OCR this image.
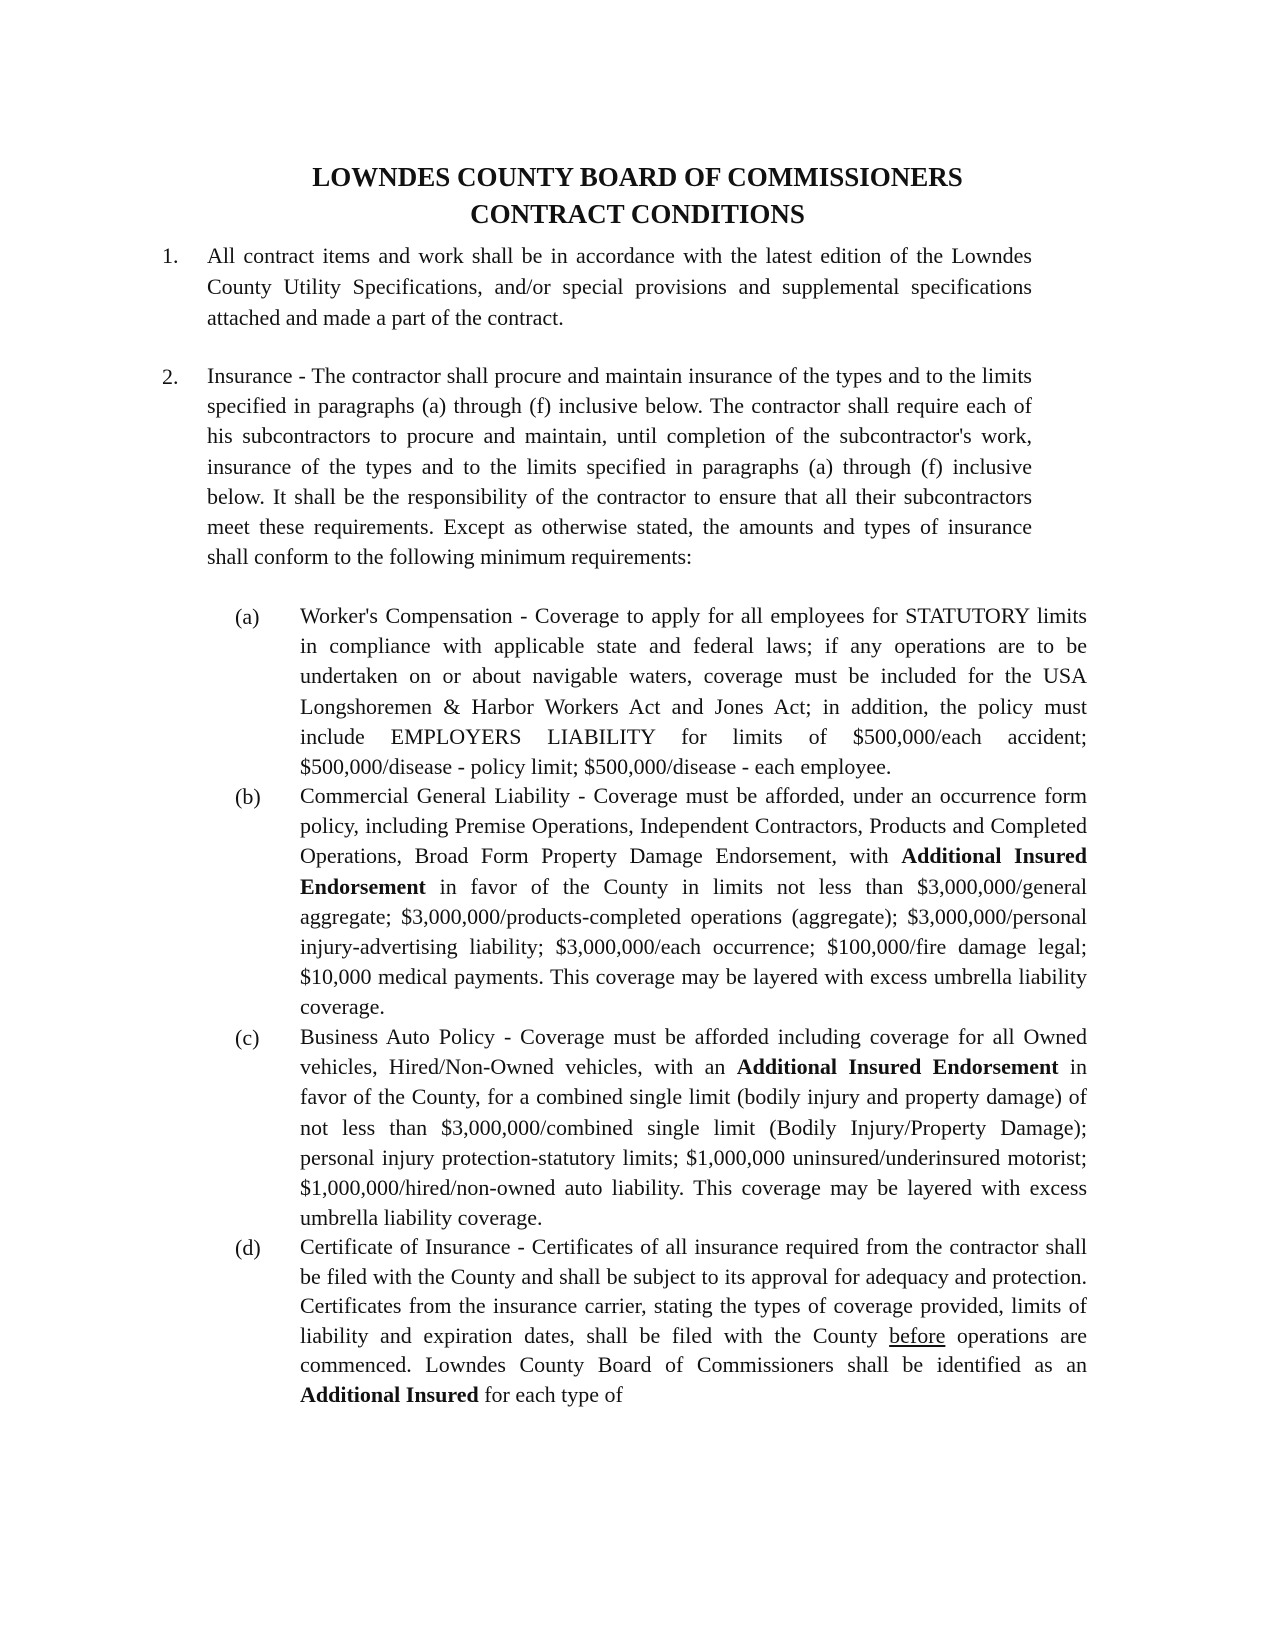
LOWNDES COUNTY BOARD OF COMMISSIONERS
CONTRACT CONDITIONS
1. All contract items and work shall be in accordance with the latest edition of the Lowndes County Utility Specifications, and/or special provisions and supplemental specifications attached and made a part of the contract.
2. Insurance - The contractor shall procure and maintain insurance of the types and to the limits specified in paragraphs (a) through (f) inclusive below. The contractor shall require each of his subcontractors to procure and maintain, until completion of the subcontractor's work, insurance of the types and to the limits specified in paragraphs (a) through (f) inclusive below. It shall be the responsibility of the contractor to ensure that all their subcontractors meet these requirements. Except as otherwise stated, the amounts and types of insurance shall conform to the following minimum requirements:
(a) Worker's Compensation - Coverage to apply for all employees for STATUTORY limits in compliance with applicable state and federal laws; if any operations are to be undertaken on or about navigable waters, coverage must be included for the USA Longshoremen & Harbor Workers Act and Jones Act; in addition, the policy must include EMPLOYERS LIABILITY for limits of $500,000/each accident; $500,000/disease - policy limit; $500,000/disease - each employee.
(b) Commercial General Liability - Coverage must be afforded, under an occurrence form policy, including Premise Operations, Independent Contractors, Products and Completed Operations, Broad Form Property Damage Endorsement, with Additional Insured Endorsement in favor of the County in limits not less than $3,000,000/general aggregate; $3,000,000/products-completed operations (aggregate); $3,000,000/personal injury-advertising liability; $3,000,000/each occurrence; $100,000/fire damage legal; $10,000 medical payments. This coverage may be layered with excess umbrella liability coverage.
(c) Business Auto Policy - Coverage must be afforded including coverage for all Owned vehicles, Hired/Non-Owned vehicles, with an Additional Insured Endorsement in favor of the County, for a combined single limit (bodily injury and property damage) of not less than $3,000,000/combined single limit (Bodily Injury/Property Damage); personal injury protection-statutory limits; $1,000,000 uninsured/underinsured motorist; $1,000,000/hired/non-owned auto liability. This coverage may be layered with excess umbrella liability coverage.
(d) Certificate of Insurance - Certificates of all insurance required from the contractor shall be filed with the County and shall be subject to its approval for adequacy and protection. Certificates from the insurance carrier, stating the types of coverage provided, limits of liability and expiration dates, shall be filed with the County before operations are commenced. Lowndes County Board of Commissioners shall be identified as an Additional Insured for each type of
